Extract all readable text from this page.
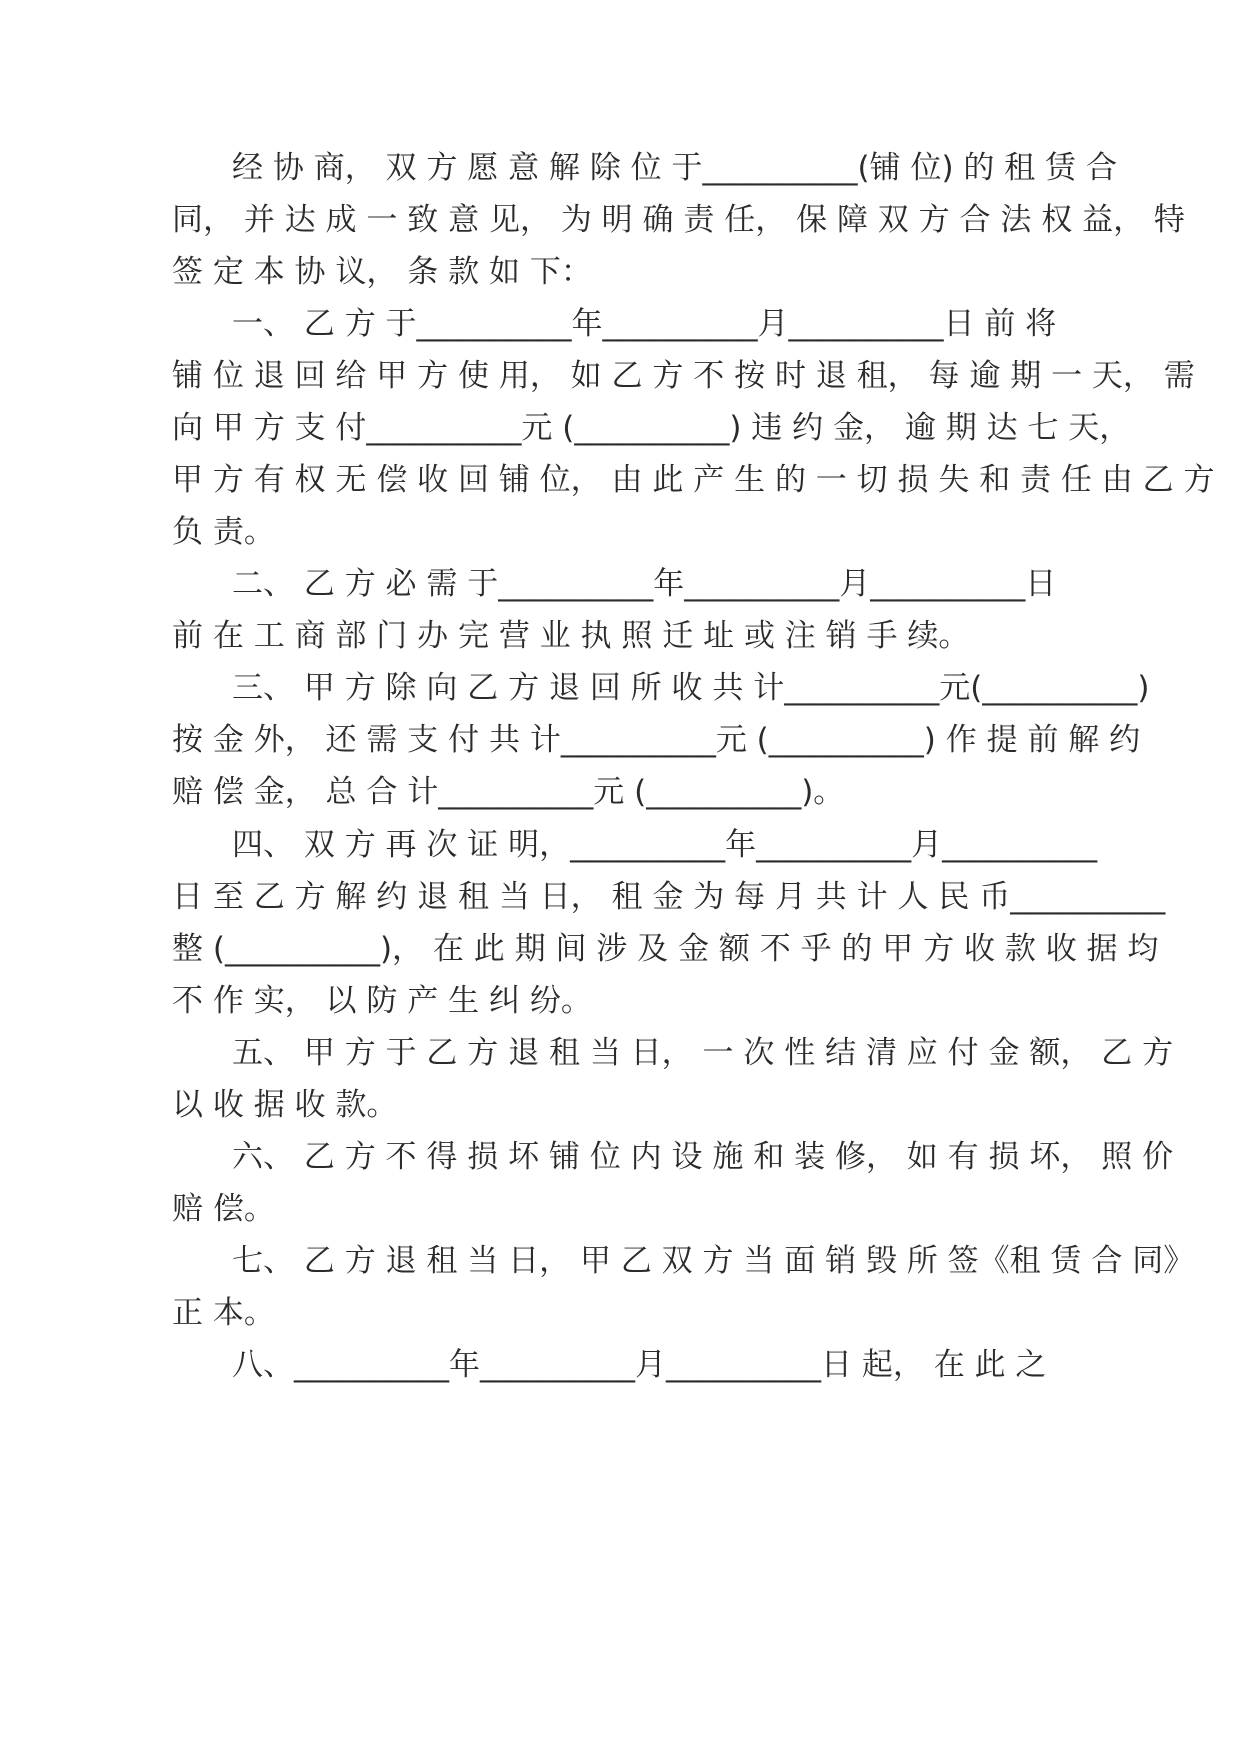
经 协 商， 双 方 愿 意 解 除 位 于__________(铺 位) 的 租 赁 合
同， 并 达 成 一 致 意 见， 为 明 确 责 任， 保 障 双 方 合 法 权 益， 特
签 定 本 协 议， 条 款 如 下：
一、 乙 方 于__________年__________月__________日 前 将
铺 位 退 回 给 甲 方 使 用， 如 乙 方 不 按 时 退 租， 每 逾 期 一 天， 需
向 甲 方 支 付__________元 (__________) 违 约 金， 逾 期 达 七 天，
甲 方 有 权 无 偿 收 回 铺 位， 由 此 产 生 的 一 切 损 失 和 责 任 由 乙 方
负 责。
二、 乙 方 必 需 于__________年__________月__________日
前 在 工 商 部 门 办 完 营 业 执 照 迁 址 或 注 销 手 续。
三、 甲 方 除 向 乙 方 退 回 所 收 共 计__________元(__________)
按 金 外， 还 需 支 付 共 计__________元 (__________) 作 提 前 解 约
赔 偿 金， 总 合 计__________元 (__________)。
四、 双 方 再 次 证 明，__________年__________月__________
日 至 乙 方 解 约 退 租 当 日， 租 金 为 每 月 共 计 人 民 币__________
整 (__________)， 在 此 期 间 涉 及 金 额 不 乎 的 甲 方 收 款 收 据 均
不 作 实， 以 防 产 生 纠 纷。
五、 甲 方 于 乙 方 退 租 当 日， 一 次 性 结 清 应 付 金 额， 乙 方
以 收 据 收 款。
六、 乙 方 不 得 损 坏 铺 位 内 设 施 和 装 修， 如 有 损 坏， 照 价
赔 偿。
七、 乙 方 退 租 当 日， 甲 乙 双 方 当 面 销 毁 所 签《租 赁 合 同》
正 本。
八、__________年__________月__________日 起， 在 此 之
